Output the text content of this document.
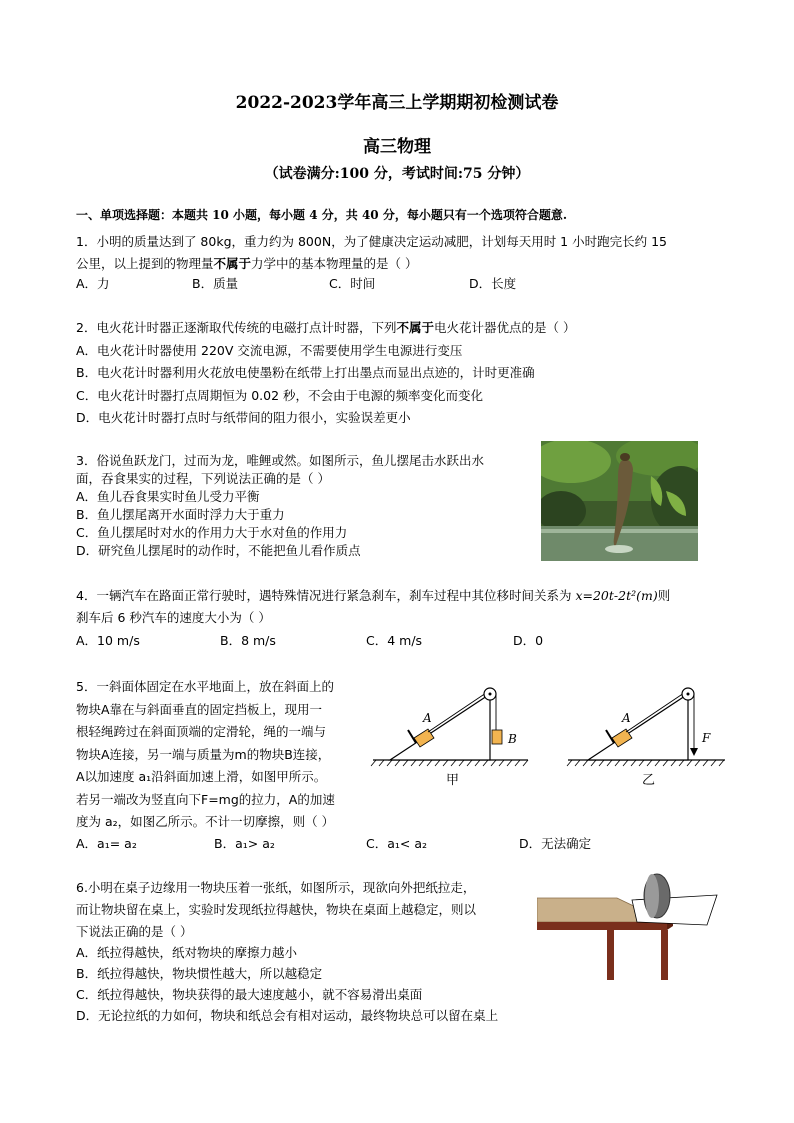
2022-2023学年高三上学期期初检测试卷
高三物理
（试卷满分:100 分，考试时间:75 分钟）
一、单项选择题：本题共 10 小题，每小题 4 分，共 40 分，每小题只有一个选项符合题意.
1．小明的质量达到了 80kg，重力约为 800N，为了健康决定运动减肥，计划每天用时 1 小时跑完长约 15
公里，以上提到的物理量不属于力学中的基本物理量的是（ ）
A．力	B．质量	C．时间	D．长度
2．电火花计时器正逐渐取代传统的电磁打点计时器，下列不属于电火花计器优点的是（ ）
A．电火花计时器使用 220V 交流电源，不需要使用学生电源进行变压
B．电火花计时器利用火花放电使墨粉在纸带上打出墨点而显出点迹的，计时更准确
C．电火花计时器打点周期恒为 0.02 秒，不会由于电源的频率变化而变化
D．电火花计时器打点时与纸带间的阻力很小，实验误差更小
3．俗说鱼跃龙门，过而为龙，唯鲤或然。如图所示，鱼儿摆尾击水跃出水
面，吞食果实的过程，下列说法正确的是（ ）
A．鱼儿吞食果实时鱼儿受力平衡
B．鱼儿摆尾离开水面时浮力大于重力
C．鱼儿摆尾时对水的作用力大于水对鱼的作用力
D．研究鱼儿摆尾时的动作时，不能把鱼儿看作质点
4．一辆汽车在路面正常行驶时，遇特殊情况进行紧急刹车，刹车过程中其位移时间关系为 x=20t-2t²(m)则
刹车后 6 秒汽车的速度大小为（ ）
A．10 m/s	B．8 m/s	C．4 m/s	D．0
5．一斜面体固定在水平地面上，放在斜面上的
物块A靠在与斜面垂直的固定挡板上，现用一
根轻绳跨过在斜面顶端的定滑轮，绳的一端与
物块A连接，另一端与质量为m的物块B连接，
A以加速度 a₁沿斜面加速上滑，如图甲所示。
若另一端改为竖直向下F=mg的拉力，A的加速
度为 a₂，如图乙所示。不计一切摩擦，则（ ）
A．a₁= a₂	B．a₁> a₂	C．a₁< a₂	D．无法确定
A
B
甲
A
F
乙
6.小明在桌子边缘用一物块压着一张纸，如图所示，现欲向外把纸拉走，
而让物块留在桌上，实验时发现纸拉得越快，物块在桌面上越稳定，则以
下说法正确的是（ ）
A．纸拉得越快，纸对物块的摩擦力越小
B．纸拉得越快，物块惯性越大，所以越稳定
C．纸拉得越快，物块获得的最大速度越小，就不容易滑出桌面
D．无论拉纸的力如何，物块和纸总会有相对运动，最终物块总可以留在桌上
